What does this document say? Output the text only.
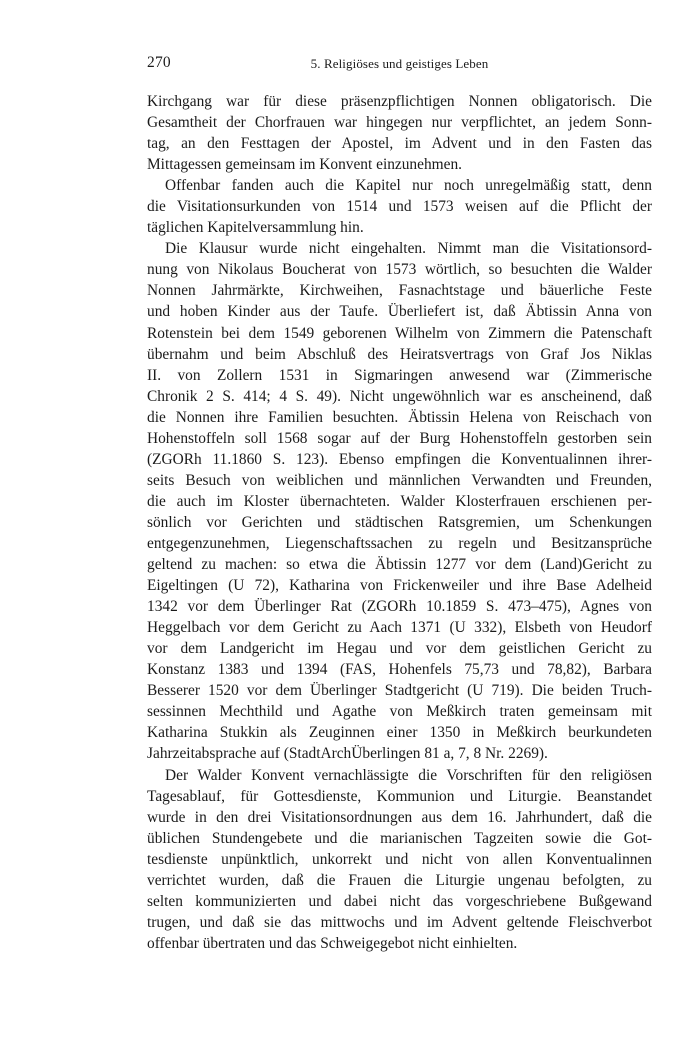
270	5. Religiöses und geistiges Leben

Kirchgang war für diese präsenzpflichtigen Nonnen obligatorisch. Die
Gesamtheit der Chorfrauen war hingegen nur verpflichtet, an jedem Sonn-
tag, an den Festtagen der Apostel, im Advent und in den Fasten das
Mittagessen gemeinsam im Konvent einzunehmen.

Offenbar fanden auch die Kapitel nur noch unregelmäßig statt, denn
die Visitationsurkunden von 1514 und 1573 weisen auf die Pflicht der
täglichen Kapitelversammlung hin.

Die Klausur wurde nicht eingehalten. Nimmt man die Visitationsord-
nung von Nikolaus Boucherat von 1573 wörtlich, so besuchten die Walder
Nonnen Jahrmärkte, Kirchweihen, Fasnachtstage und bäuerliche Feste
und hoben Kinder aus der Taufe. Überliefert ist, daß Äbtissin Anna von
Rotenstein bei dem 1549 geborenen Wilhelm von Zimmern die Patenschaft
übernahm und beim Abschluß des Heiratsvertrags von Graf Jos Niklas
II. von Zollern 1531 in Sigmaringen anwesend war (Zimmerische
Chronik 2 S. 414; 4 S. 49). Nicht ungewöhnlich war es anscheinend, daß
die Nonnen ihre Familien besuchten. Äbtissin Helena von Reischach von
Hohenstoffeln soll 1568 sogar auf der Burg Hohenstoffeln gestorben sein
(ZGORh 11.1860 S. 123). Ebenso empfingen die Konventualinnen ihrer-
seits Besuch von weiblichen und männlichen Verwandten und Freunden,
die auch im Kloster übernachteten. Walder Klosterfrauen erschienen per-
sönlich vor Gerichten und städtischen Ratsgremien, um Schenkungen
entgegenzunehmen, Liegenschaftssachen zu regeln und Besitzansprüche
geltend zu machen: so etwa die Äbtissin 1277 vor dem (Land)Gericht zu
Eigeltingen (U 72), Katharina von Frickenweiler und ihre Base Adelheid
1342 vor dem Überlinger Rat (ZGORh 10.1859 S. 473–475), Agnes von
Heggelbach vor dem Gericht zu Aach 1371 (U 332), Elsbeth von Heudorf
vor dem Landgericht im Hegau und vor dem geistlichen Gericht zu
Konstanz 1383 und 1394 (FAS, Hohenfels 75,73 und 78,82), Barbara
Besserer 1520 vor dem Überlinger Stadtgericht (U 719). Die beiden Truch-
sessinnen Mechthild und Agathe von Meßkirch traten gemeinsam mit
Katharina Stukkin als Zeuginnen einer 1350 in Meßkirch beurkundeten
Jahrzeitabsprache auf (StadtArchÜberlingen 81 a, 7, 8 Nr. 2269).

Der Walder Konvent vernachlässigte die Vorschriften für den religiösen
Tagesablauf, für Gottesdienste, Kommunion und Liturgie. Beanstandet
wurde in den drei Visitationsordnungen aus dem 16. Jahrhundert, daß die
üblichen Stundengebete und die marianischen Tagzeiten sowie die Got-
tesdienste unpünktlich, unkorrekt und nicht von allen Konventualinnen
verrichtet wurden, daß die Frauen die Liturgie ungenau befolgten, zu
selten kommunizierten und dabei nicht das vorgeschriebene Bußgewand
trugen, und daß sie das mittwochs und im Advent geltende Fleischverbot
offenbar übertraten und das Schweigegebot nicht einhielten.
